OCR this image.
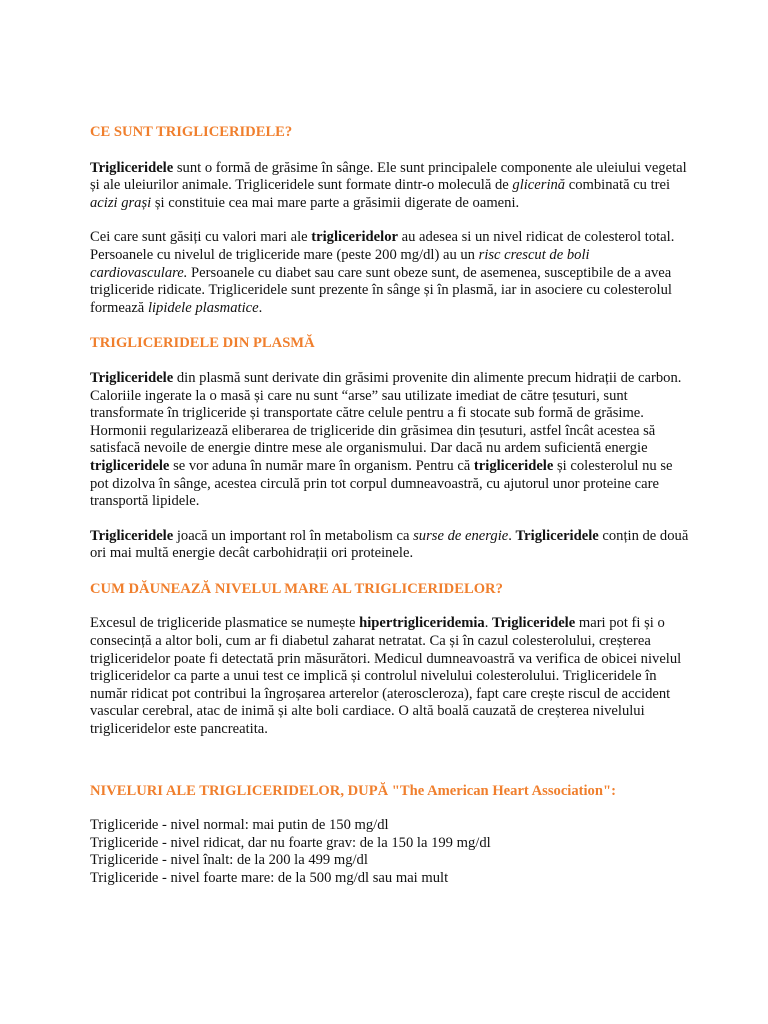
CE SUNT TRIGLICERIDELE?

Trigliceridele sunt o formă de grăsime în sânge. Ele sunt principalele componente ale uleiului vegetal și ale uleiurilor animale. Trigliceridele sunt formate dintr-o moleculă de glicerină combinată cu trei acizi grași și constituie cea mai mare parte a grăsimii digerate de oameni.

Cei care sunt găsiți cu valori mari ale trigliceridelor au adesea si un nivel ridicat de colesterol total. Persoanele cu nivelul de trigliceride mare (peste 200 mg/dl) au un risc crescut de boli cardiovasculare. Persoanele cu diabet sau care sunt obeze sunt, de asemenea, susceptibile de a avea trigliceride ridicate. Trigliceridele sunt prezente în sânge și în plasmă, iar in asociere cu colesterolul formează lipidele plasmatice.

TRIGLICERIDELE DIN PLASMĂ

Trigliceridele din plasmă sunt derivate din grăsimi provenite din alimente precum hidrații de carbon. Caloriile ingerate la o masă și care nu sunt “arse” sau utilizate imediat de către țesuturi, sunt transformate în trigliceride și transportate către celule pentru a fi stocate sub formă de grăsime. Hormonii regularizează eliberarea de trigliceride din grăsimea din țesuturi, astfel încât acestea să satisfacă nevoile de energie dintre mese ale organismului. Dar dacă nu ardem suficientă energie trigliceridele se vor aduna în număr mare în organism. Pentru că trigliceridele și colesterolul nu se pot dizolva în sânge, acestea circulă prin tot corpul dumneavoastră, cu ajutorul unor proteine care transportă lipidele.

Trigliceridele joacă un important rol în metabolism ca surse de energie. Trigliceridele conțin de două ori mai multă energie decât carbohidrații ori proteinele.

CUM DĂUNEAZĂ NIVELUL MARE AL TRIGLICERIDELOR?

Excesul de trigliceride plasmatice se numește hipertrigliceridemia. Trigliceridele mari pot fi și o consecință a altor boli, cum ar fi diabetul zaharat netratat. Ca și în cazul colesterolului, creșterea trigliceridelor poate fi detectată prin măsurători. Medicul dumneavoastră va verifica de obicei nivelul trigliceridelor ca parte a unui test ce implică și controlul nivelului colesterolului. Trigliceridele în număr ridicat pot contribui la îngroșarea arterelor (ateroscleroza), fapt care crește riscul de accident vascular cerebral, atac de inimă și alte boli cardiace. O altă boală cauzată de creșterea nivelului trigliceridelor este pancreatita.

NIVELURI ALE TRIGLICERIDELOR, DUPĂ "The American Heart Association":

Trigliceride - nivel normal: mai putin de 150 mg/dl

Trigliceride - nivel ridicat, dar nu foarte grav: de la 150 la 199 mg/dl

Trigliceride - nivel înalt: de la 200 la 499 mg/dl

Trigliceride - nivel foarte mare: de la 500 mg/dl sau mai mult
